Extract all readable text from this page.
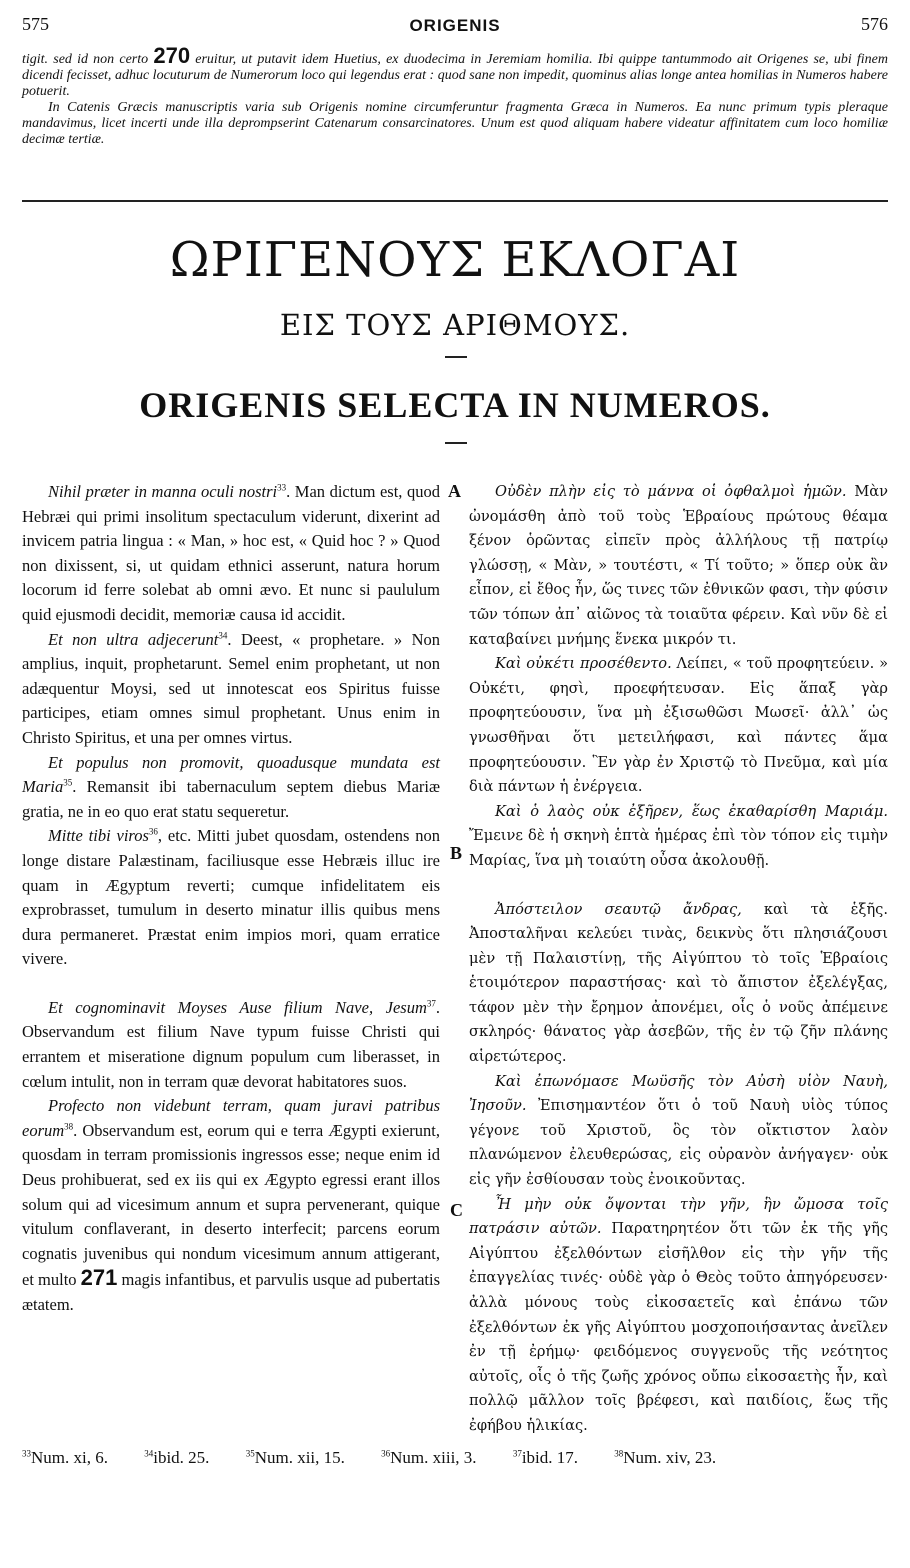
575	ORIGENIS	576

tigit. sed id non certo 270 eruitur, ut putavit idem Huetius, ex duodecima in Jeremiam homilia. Ibi quippe tantummodo ait Origenes se, ubi finem dicendi fecisset, adhuc locuturum de Numerorum loco qui legendus erat : quod sane non impedit, quominus alias longe antea homilias in Numeros habere potuerit.

In Catenis Græcis manuscriptis varia sub Origenis nomine circumferuntur fragmenta Græca in Numeros. Ea nunc primum typis pleraque mandavimus, licet incerti unde illa deprompserint Catenarum consarcinatores. Unum est quod aliquam habere videatur affinitatem cum loco homiliæ decimæ tertiæ.

ΩΡΙΓΕΝΟΥΣ ΕΚΛΟΓΑΙ
ΕΙΣ ΤΟΥΣ ΑΡΙΘΜΟΥΣ.
ORIGENIS SELECTA IN NUMEROS.
A
B
C

Nihil præter in manna oculi nostri$^{33}$. Man dictum est, quod Hebræi qui primi insolitum spectaculum viderunt, dixerint ad invicem patria lingua : « Man, » hoc est, « Quid hoc ? » Quod non dixissent, si, ut quidam ethnici asserunt, natura horum locorum id ferre solebat ab omni ævo. Et nunc si paululum quid ejusmodi decidit, memoriæ causa id accidit.

Et non ultra adjecerunt$^{34}$. Deest, « prophetare. » Non amplius, inquit, prophetarunt. Semel enim prophetant, ut non adæquentur Moysi, sed ut innotescat eos Spiritus fuisse participes, etiam omnes simul prophetant. Unus enim in Christo Spiritus, et una per omnes virtus.

Et populus non promovit, quoadusque mundata est Maria$^{35}$. Remansit ibi tabernaculum septem diebus Mariæ gratia, ne in eo quo erat statu sequeretur.

Mitte tibi viros$^{36}$, etc. Mitti jubet quosdam, ostendens non longe distare Palæstinam, faciliusque esse Hebræis illuc ire quam in Ægyptum reverti; cumque infidelitatem eis exprobrasset, tumulum in deserto minatur illis quibus mens dura permaneret. Præstat enim impios mori, quam erratice vivere.

Et cognominavit Moyses Ause filium Nave, Jesum$^{37}$. Observandum est filium Nave typum fuisse Christi qui errantem et miseratione dignum populum cum liberasset, in cœlum intulit, non in terram quæ devorat habitatores suos.

Profecto non videbunt terram, quam juravi patribus eorum$^{38}$. Observandum est, eorum qui e terra Ægypti exierunt, quosdam in terram promissionis ingressos esse; neque enim id Deus prohibuerat, sed ex iis qui ex Ægypto egressi erant illos solum qui ad vicesimum annum et supra pervenerant, quique vitulum conflaverant, in deserto interfecit; parcens eorum cognatis juvenibus qui nondum vicesimum annum attigerant, et multo 271 magis infantibus, et parvulis usque ad pubertatis ætatem.

Οὐδὲν πλὴν εἰς τὸ μάννα οἱ ὀφθαλμοὶ ἡμῶν. Μὰν ὠνομάσθη ἀπὸ τοῦ τοὺς Ἑβραίους πρώτους θέαμα ξένον ὁρῶντας εἰπεῖν πρὸς ἀλλήλους τῇ πατρίῳ γλώσσῃ, « Μὰν, » τουτέστι, « Τί τοῦτο; » ὅπερ οὐκ ἂν εἶπον, εἰ ἔθος ἦν, ὥς τινες τῶν ἐθνικῶν φασι, τὴν φύσιν τῶν τόπων ἀπ᾽ αἰῶνος τὰ τοιαῦτα φέρειν. Καὶ νῦν δὲ εἰ καταβαίνει μνήμης ἕνεκα μικρόν τι.

Καὶ οὐκέτι προσέθεντο. Λείπει, « τοῦ προφητεύειν. » Οὐκέτι, φησὶ, προεφήτευσαν. Εἰς ἅπαξ γὰρ προφητεύουσιν, ἵνα μὴ ἐξισωθῶσι Μωσεῖ· ἀλλ᾽ ὡς γνωσθῆναι ὅτι μετειλήφασι, καὶ πάντες ἅμα προφητεύουσιν. Ἓν γὰρ ἐν Χριστῷ τὸ Πνεῦμα, καὶ μία διὰ πάντων ἡ ἐνέργεια.

Καὶ ὁ λαὸς οὐκ ἐξῆρεν, ἕως ἐκαθαρίσθη Μαριάμ. Ἔμεινε δὲ ἡ σκηνὴ ἑπτὰ ἡμέρας ἐπὶ τὸν τόπον εἰς τιμὴν Μαρίας, ἵνα μὴ τοιαύτη οὖσα ἀκολουθῇ.

Ἀπόστειλον σεαυτῷ ἄνδρας, καὶ τὰ ἑξῆς. Ἀποσταλῆναι κελεύει τινὰς, δεικνὺς ὅτι πλησιάζουσι μὲν τῇ Παλαιστίνῃ, τῆς Αἰγύπτου τὸ τοῖς Ἑβραίοις ἑτοιμότερον παραστήσας· καὶ τὸ ἄπιστον ἐξελέγξας, τάφον μὲν τὴν ἔρημον ἀπονέμει, οἷς ὁ νοῦς ἀπέμεινε σκληρός· θάνατος γὰρ ἀσεβῶν, τῆς ἐν τῷ ζῆν πλάνης αἱρετώτερος.

Καὶ ἐπωνόμασε Μωϋσῆς τὸν Αὐσὴ υἱὸν Ναυὴ, Ἰησοῦν. Ἐπισημαντέον ὅτι ὁ τοῦ Ναυὴ υἱὸς τύπος γέγονε τοῦ Χριστοῦ, ὃς τὸν οἴκτιστον λαὸν πλανώμενον ἐλευθερώσας, εἰς οὐρανὸν ἀνήγαγεν· οὐκ εἰς γῆν ἐσθίουσαν τοὺς ἐνοικοῦντας.

Ἦ μὴν οὐκ ὄψονται τὴν γῆν, ἣν ὤμοσα τοῖς πατράσιν αὐτῶν. Παρατηρητέον ὅτι τῶν ἐκ τῆς γῆς Αἰγύπτου ἐξελθόντων εἰσῆλθον εἰς τὴν γῆν τῆς ἐπαγγελίας τινές· οὐδὲ γὰρ ὁ Θεὸς τοῦτο ἀπηγόρευσεν· ἀλλὰ μόνους τοὺς εἰκοσαετεῖς καὶ ἐπάνω τῶν ἐξελθόντων ἐκ γῆς Αἰγύπτου μοσχοποιήσαντας ἀνεῖλεν ἐν τῇ ἐρήμῳ· φειδόμενος συγγενοῦς τῆς νεότητος αὐτοῖς, οἷς ὁ τῆς ζωῆς χρόνος οὔπω εἰκοσαετὴς ἦν, καὶ πολλῷ μᾶλλον τοῖς βρέφεσι, καὶ παιδίοις, ἕως τῆς ἐφήβου ἡλικίας.

$^{33}$Num. xi, 6.	$^{34}$ibid. 25.	$^{35}$Num. xii, 15.	$^{36}$Num. xiii, 3.	$^{37}$ibid. 17.	$^{38}$Num. xiv, 23.
